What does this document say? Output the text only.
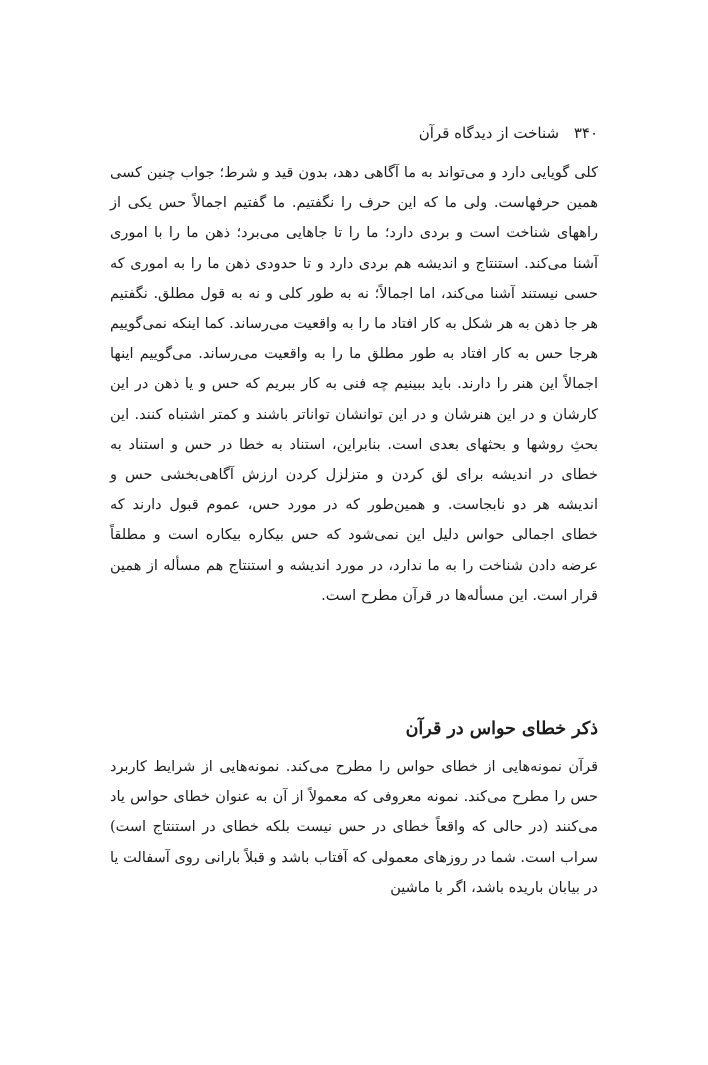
۳۴۰ شناخت از دیدگاه قرآن

کلی گویایی دارد و می‌تواند به ما آگاهی دهد، بدون قید و شرط؛ جواب چنین کسی همین حرفهاست. ولی ما که این حرف را نگفتیم. ما گفتیم اجمالاً حس یکی از راههای شناخت است و بردی دارد؛ ما را تا جاهایی می‌برد؛ ذهن ما را با اموری آشنا می‌کند. استنتاج و اندیشه هم بردی دارد و تا حدودی ذهن ما را به اموری که حسی نیستند آشنا می‌کند، اما اجمالاً؛ نه به طور کلی و نه به قول مطلق. نگفتیم هر جا ذهن به هر شکل به کار افتاد ما را به واقعیت می‌رساند. کما اینکه نمی‌گوییم هرجا حس به کار افتاد به طور مطلق ما را به واقعیت می‌رساند. می‌گوییم اینها اجمالاً این هنر را دارند. باید ببینیم چه فنی به کار ببریم که حس و یا ذهن در این کارشان و در این هنرشان و در این توانشان تواناتر باشند و کمتر اشتباه کنند. این بحثِ روشها و بحثهای بعدی است. بنابراین، استناد به خطا در حس و استناد به خطای در اندیشه برای لق کردن و متزلزل کردن ارزش آگاهی‌بخشی حس و اندیشه هر دو نابجاست. و همین‌طور که در مورد حس، عموم قبول دارند که خطای اجمالی حواس دلیل این نمی‌شود که حس بیکاره بیکاره است و مطلقاً عرضه دادن شناخت را به ما ندارد، در مورد اندیشه و استنتاج هم مسأله از همین قرار است. این مسأله‌ها در قرآن مطرح است.

ذکر خطای حواس در قرآن

قرآن نمونه‌هایی از خطای حواس را مطرح می‌کند. نمونه‌هایی از شرایط کاربرد حس را مطرح می‌کند. نمونه معروفی که معمولاً از آن به عنوان خطای حواس یاد می‌کنند (در حالی که واقعاً خطای در حس نیست بلکه خطای در استنتاج است) سراب است. شما در روزهای معمولی که آفتاب باشد و قبلاً بارانی روی آسفالت یا در بیابان باریده باشد، اگر با ماشین
